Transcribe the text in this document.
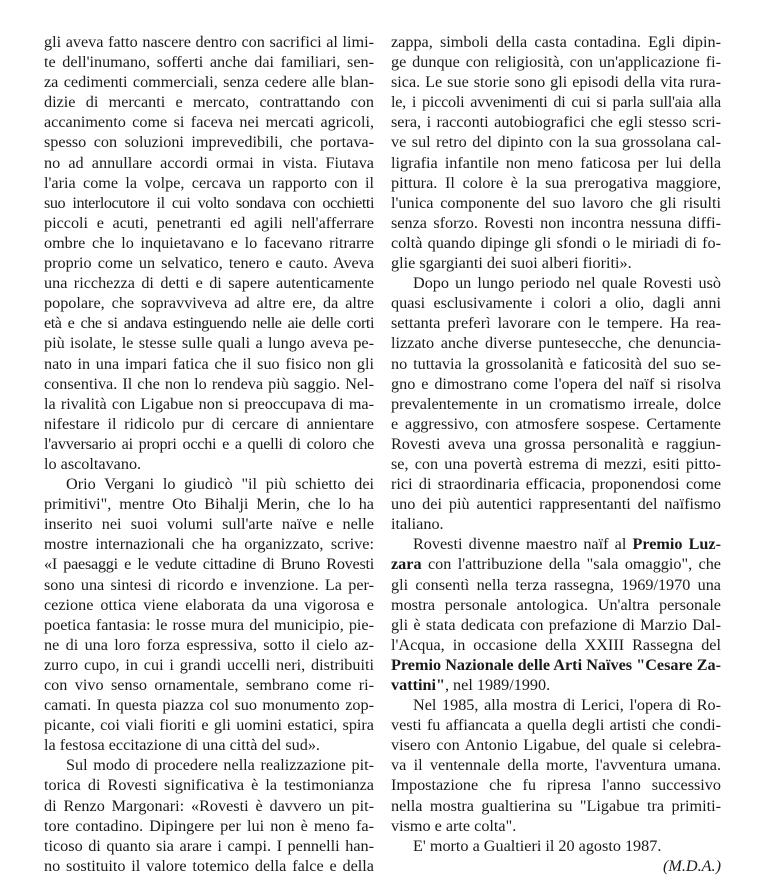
gli aveva fatto nascere dentro con sacrifici al limi-
te dell'inumano, sofferti anche dai familiari, sen-
za cedimenti commerciali, senza cedere alle blan-
dizie di mercanti e mercato, contrattando con
accanimento come si faceva nei mercati agricoli,
spesso con soluzioni imprevedibili, che portava-
no ad annullare accordi ormai in vista. Fiutava
l'aria come la volpe, cercava un rapporto con il
suo interlocutore il cui volto sondava con occhietti
piccoli e acuti, penetranti ed agili nell'afferrare
ombre che lo inquietavano e lo facevano ritrarre
proprio come un selvatico, tenero e cauto. Aveva
una ricchezza di detti e di sapere autenticamente
popolare, che sopravviveva ad altre ere, da altre
età e che si andava estinguendo nelle aie delle corti
più isolate, le stesse sulle quali a lungo aveva pe-
nato in una impari fatica che il suo fisico non gli
consentiva. Il che non lo rendeva più saggio. Nel-
la rivalità con Ligabue non si preoccupava di ma-
nifestare il ridicolo pur di cercare di annientare
l'avversario ai propri occhi e a quelli di coloro che
lo ascoltavano.
Orio Vergani lo giudicò "il più schietto dei
primitivi", mentre Oto Bihalji Merin, che lo ha
inserito nei suoi volumi sull'arte naïve e nelle
mostre internazionali che ha organizzato, scrive:
«I paesaggi e le vedute cittadine di Bruno Rovesti
sono una sintesi di ricordo e invenzione. La per-
cezione ottica viene elaborata da una vigorosa e
poetica fantasia: le rosse mura del municipio, pie-
ne di una loro forza espressiva, sotto il cielo az-
zurro cupo, in cui i grandi uccelli neri, distribuiti
con vivo senso ornamentale, sembrano come ri-
camati. In questa piazza col suo monumento zop-
picante, coi viali fioriti e gli uomini estatici, spira
la festosa eccitazione di una città del sud».
Sul modo di procedere nella realizzazione pit-
torica di Rovesti significativa è la testimonianza
di Renzo Margonari: «Rovesti è davvero un pit-
tore contadino. Dipingere per lui non è meno fa-
ticoso di quanto sia arare i campi. I pennelli han-
no sostituito il valore totemico della falce e della
zappa, simboli della casta contadina. Egli dipin-
ge dunque con religiosità, con un'applicazione fi-
sica. Le sue storie sono gli episodi della vita rura-
le, i piccoli avvenimenti di cui si parla sull'aia alla
sera, i racconti autobiografici che egli stesso scri-
ve sul retro del dipinto con la sua grossolana cal-
ligrafia infantile non meno faticosa per lui della
pittura. Il colore è la sua prerogativa maggiore,
l'unica componente del suo lavoro che gli risulti
senza sforzo. Rovesti non incontra nessuna diffi-
coltà quando dipinge gli sfondi o le miriadi di fo-
glie sgargianti dei suoi alberi fioriti».
Dopo un lungo periodo nel quale Rovesti usò
quasi esclusivamente i colori a olio, dagli anni
settanta preferì lavorare con le tempere. Ha rea-
lizzato anche diverse puntesecche, che denuncia-
no tuttavia la grossolanità e faticosità del suo se-
gno e dimostrano come l'opera del naïf si risolva
prevalentemente in un cromatismo irreale, dolce
e aggressivo, con atmosfere sospese. Certamente
Rovesti aveva una grossa personalità e raggiun-
se, con una povertà estrema di mezzi, esiti pitto-
rici di straordinaria efficacia, proponendosi come
uno dei più autentici rappresentanti del naïfismo
italiano.
Rovesti divenne maestro naïf al Premio Luz-
zara con l'attribuzione della "sala omaggio", che
gli consentì nella terza rassegna, 1969/1970 una
mostra personale antologica. Un'altra personale
gli è stata dedicata con prefazione di Marzio Dal-
l'Acqua, in occasione della XXIII Rassegna del
Premio Nazionale delle Arti Naïves "Cesare Za-
vattini", nel 1989/1990.
Nel 1985, alla mostra di Lerici, l'opera di Ro-
vesti fu affiancata a quella degli artisti che condi-
visero con Antonio Ligabue, del quale si celebra-
va il ventennale della morte, l'avventura umana.
Impostazione che fu ripresa l'anno successivo
nella mostra gualtierina su "Ligabue tra primiti-
vismo e arte colta".
E' morto a Gualtieri il 20 agosto 1987.
(M.D.A.)
